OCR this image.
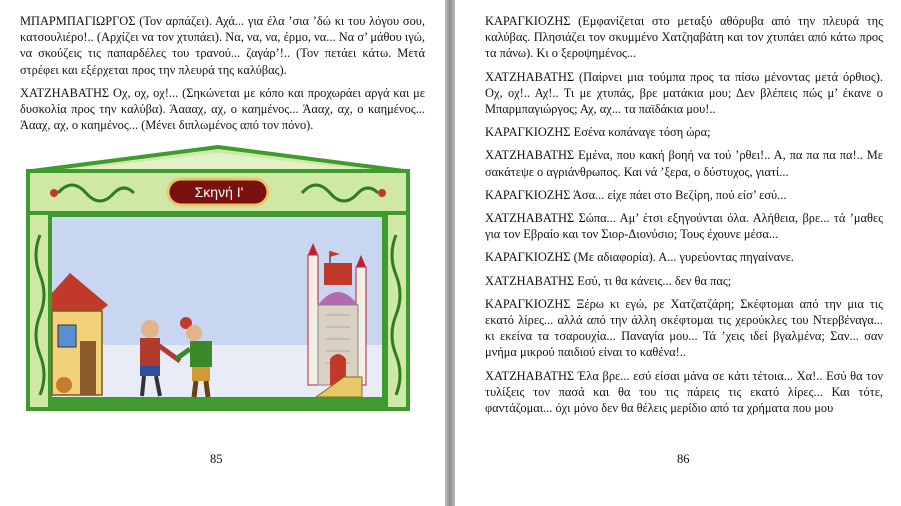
ΜΠΑΡΜΠΑΓΙΩΡΓΟΣ (Τον αρπάζει). Αχά... για έλα ’σια ’δώ κι του λόγου σου, κατσουλιέρο!.. (Αρχίζει να τον χτυπάει). Να, να, να, έρμο, να... Να σ’ μάθου ιγώ, να σκούζεις τις παπαρδέλες του τρανού... ζαγάρ’!.. (Τον πετάει κάτω. Μετά στρέφει και εξέρχεται προς την πλευρά της καλύβας).

ΧΑΤΖΗΑΒΑΤΗΣ Οχ, οχ, οχ!... (Σηκώνεται με κόπο και προχωράει αργά και με δυσκολία προς την καλύβα). Άαααχ, αχ, ο καημένος... Άααχ, αχ, ο καημένος... Άααχ, αχ, ο καημένος... (Μένει διπλωμένος από τον πόνο).

Σκηνή Ι'
85

ΚΑΡΑΓΚΙΟΖΗΣ (Εμφανίζεται στο μεταξύ αθόρυβα από την πλευρά της καλύβας. Πλησιάζει τον σκυμμένο Χατζηαβάτη και τον χτυπάει από κάτω προς τα πάνω). Κι ο ξεροψημένος...

ΧΑΤΖΗΑΒΑΤΗΣ (Παίρνει μια τούμπα προς τα πίσω μένοντας μετά όρθιος). Οχ, οχ!.. Αχ!.. Τι με χτυπάς, βρε ματάκια μου; Δεν βλέπεις πώς μ’ έκανε ο Μπαρμπαγιώργος; Αχ, αχ... τα παϊδάκια μου!..

ΚΑΡΑΓΚΙΟΖΗΣ Εσένα κοπάναγε τόση ώρα;

ΧΑΤΖΗΑΒΑΤΗΣ Εμένα, που κακή βοηή να τού ’ρθει!.. Α, πα πα πα πα!.. Με σακάτεψε ο αγριάνθρωπος. Και νά ’ξερα, ο δύστυχος, γιατί...

ΚΑΡΑΓΚΙΟΖΗΣ Άσα... είχε πάει στο Βεζίρη, πού είσ’ εσύ...

ΧΑΤΖΗΑΒΑΤΗΣ Σώπα... Αμ’ έτσι εξηγούνται όλα. Αλήθεια, βρε... τά ’μαθες για τον Εβραίο και τον Σιορ-Διονύσιο; Τους έχουνε μέσα...

ΚΑΡΑΓΚΙΟΖΗΣ (Με αδιαφορία). Α... γυρεύοντας πηγαίνανε.

ΧΑΤΖΗΑΒΑΤΗΣ Εσύ, τι θα κάνεις... δεν θα πας;

ΚΑΡΑΓΚΙΟΖΗΣ Ξέρω κι εγώ, ρε Χατζατζάρη; Σκέφτομαι από την μια τις εκατό λίρες... αλλά από την άλλη σκέφτομαι τις χερούκλες του Ντερβέναγα... κι εκείνα τα τσαρουχία... Παναγία μου... Τά ’χεις ιδεί βγαλμένα; Σαν... σαν μνήμα μικρού παιδιού είναι το καθένα!..

ΧΑΤΖΗΑΒΑΤΗΣ Έλα βρε... εσύ είσαι μάνα σε κάτι τέτοια... Χα!.. Εσύ θα τον τυλίξεις τον πασά και θα του τις πάρεις τις εκατό λίρες... Και τότε, φαντάζομαι... όχι μόνο δεν θα θέλεις μερίδιο από τα χρήματα που μου

86
